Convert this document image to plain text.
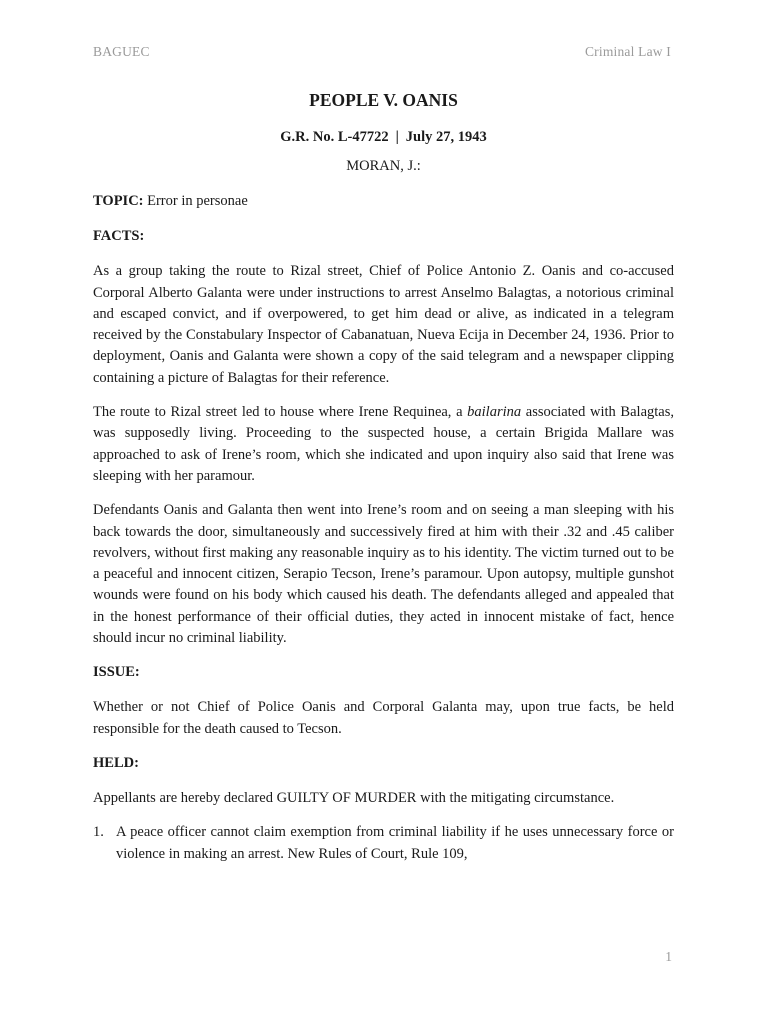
BAGUEC	Criminal Law I
PEOPLE V. OANIS
G.R. No. L-47722 | July 27, 1943
MORAN, J.:

TOPIC: Error in personae

FACTS:

As a group taking the route to Rizal street, Chief of Police Antonio Z. Oanis and co-accused Corporal Alberto Galanta were under instructions to arrest Anselmo Balagtas, a notorious criminal and escaped convict, and if overpowered, to get him dead or alive, as indicated in a telegram received by the Constabulary Inspector of Cabanatuan, Nueva Ecija in December 24, 1936. Prior to deployment, Oanis and Galanta were shown a copy of the said telegram and a newspaper clipping containing a picture of Balagtas for their reference.

The route to Rizal street led to house where Irene Requinea, a bailarina associated with Balagtas, was supposedly living. Proceeding to the suspected house, a certain Brigida Mallare was approached to ask of Irene’s room, which she indicated and upon inquiry also said that Irene was sleeping with her paramour.

Defendants Oanis and Galanta then went into Irene’s room and on seeing a man sleeping with his back towards the door, simultaneously and successively fired at him with their .32 and .45 caliber revolvers, without first making any reasonable inquiry as to his identity. The victim turned out to be a peaceful and innocent citizen, Serapio Tecson, Irene’s paramour. Upon autopsy, multiple gunshot wounds were found on his body which caused his death. The defendants alleged and appealed that in the honest performance of their official duties, they acted in innocent mistake of fact, hence should incur no criminal liability.

ISSUE:

Whether or not Chief of Police Oanis and Corporal Galanta may, upon true facts, be held responsible for the death caused to Tecson.

HELD:

Appellants are hereby declared GUILTY OF MURDER with the mitigating circumstance.

1. A peace officer cannot claim exemption from criminal liability if he uses unnecessary force or violence in making an arrest. New Rules of Court, Rule 109,
1
